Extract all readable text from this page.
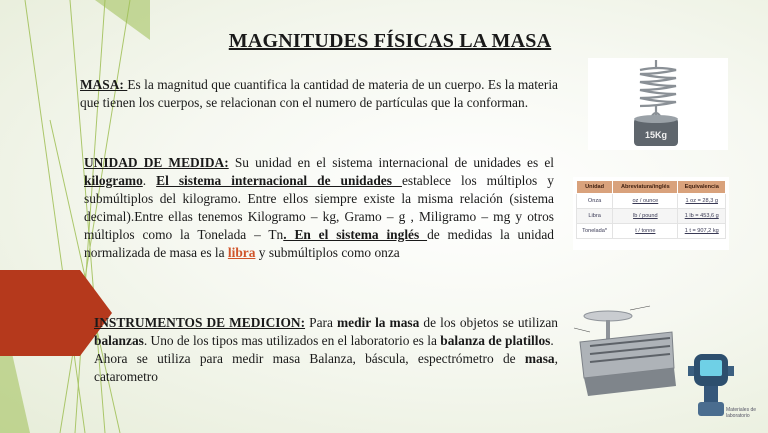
MAGNITUDES FÍSICAS LA MASA
MASA: Es la magnitud que cuantifica la cantidad de materia de un cuerpo. Es la materia que tienen los cuerpos, se relacionan con el numero de partículas que la conforman.
UNIDAD DE MEDIDA: Su unidad en el sistema internacional de unidades es el kilogramo. El sistema internacional de unidades establece los múltiplos y submúltiplos del kilogramo. Entre ellos siempre existe la misma relación (sistema decimal).Entre ellas tenemos Kilogramo – kg, Gramo – g , Miligramo – mg y otros múltiplos como la Tonelada – Tn. En el sistema inglés de medidas la unidad normalizada de masa es la libra y submúltiplos como onza
INSTRUMENTOS DE MEDICION: Para medir la masa de los objetos se utilizan balanzas. Uno de los tipos mas utilizados en el laboratorio es la balanza de platillos.
Ahora se utiliza para medir masa Balanza, báscula, espectrómetro de masa, catarometro
15Kg
Unidad	Abreviatura/inglés	Equivalencia
Onza	oz / ounce	1 oz = 28,3 g
Libra	lb / pound	1 lb = 453,6 g
Tonelada*	t / tonne	1 t = 907,2 kg
Materiales de
laboratorio
